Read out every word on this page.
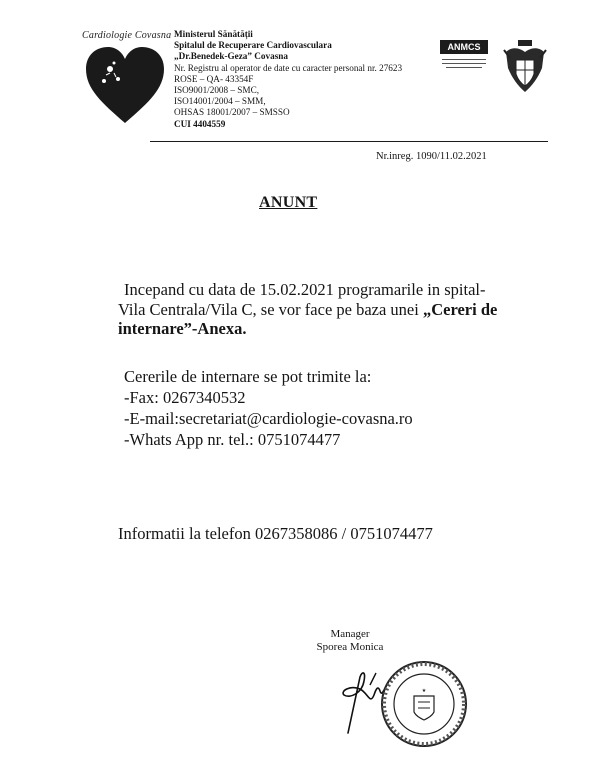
Cardiologie Covasna Ministerul Sănătății
Spitalul de Recuperare Cardiovasculara
„Dr.Benedek-Geza” Covasna
Nr. Registru al operator de date cu caracter personal nr. 27623
ROSE – QA- 43354F
ISO9001/2008 – SMC,
ISO14001/2004 – SMM,
OHSAS 18001/2007 – SMSSO
CUI 4404559
ANMCS
Nr.inreg. 1090/11.02.2021
ANUNT
Incepand cu data de 15.02.2021 programarile in spital-
Vila Centrala/Vila C, se vor face pe baza unei „Cereri de
internare”-Anexa.
Cererile de internare se pot trimite la:
-Fax: 0267340532
-E-mail:secretariat@cardiologie-covasna.ro
-Whats App nr. tel.: 0751074477
Informatii la telefon 0267358086 / 0751074477
Manager
Sporea Monica
★
